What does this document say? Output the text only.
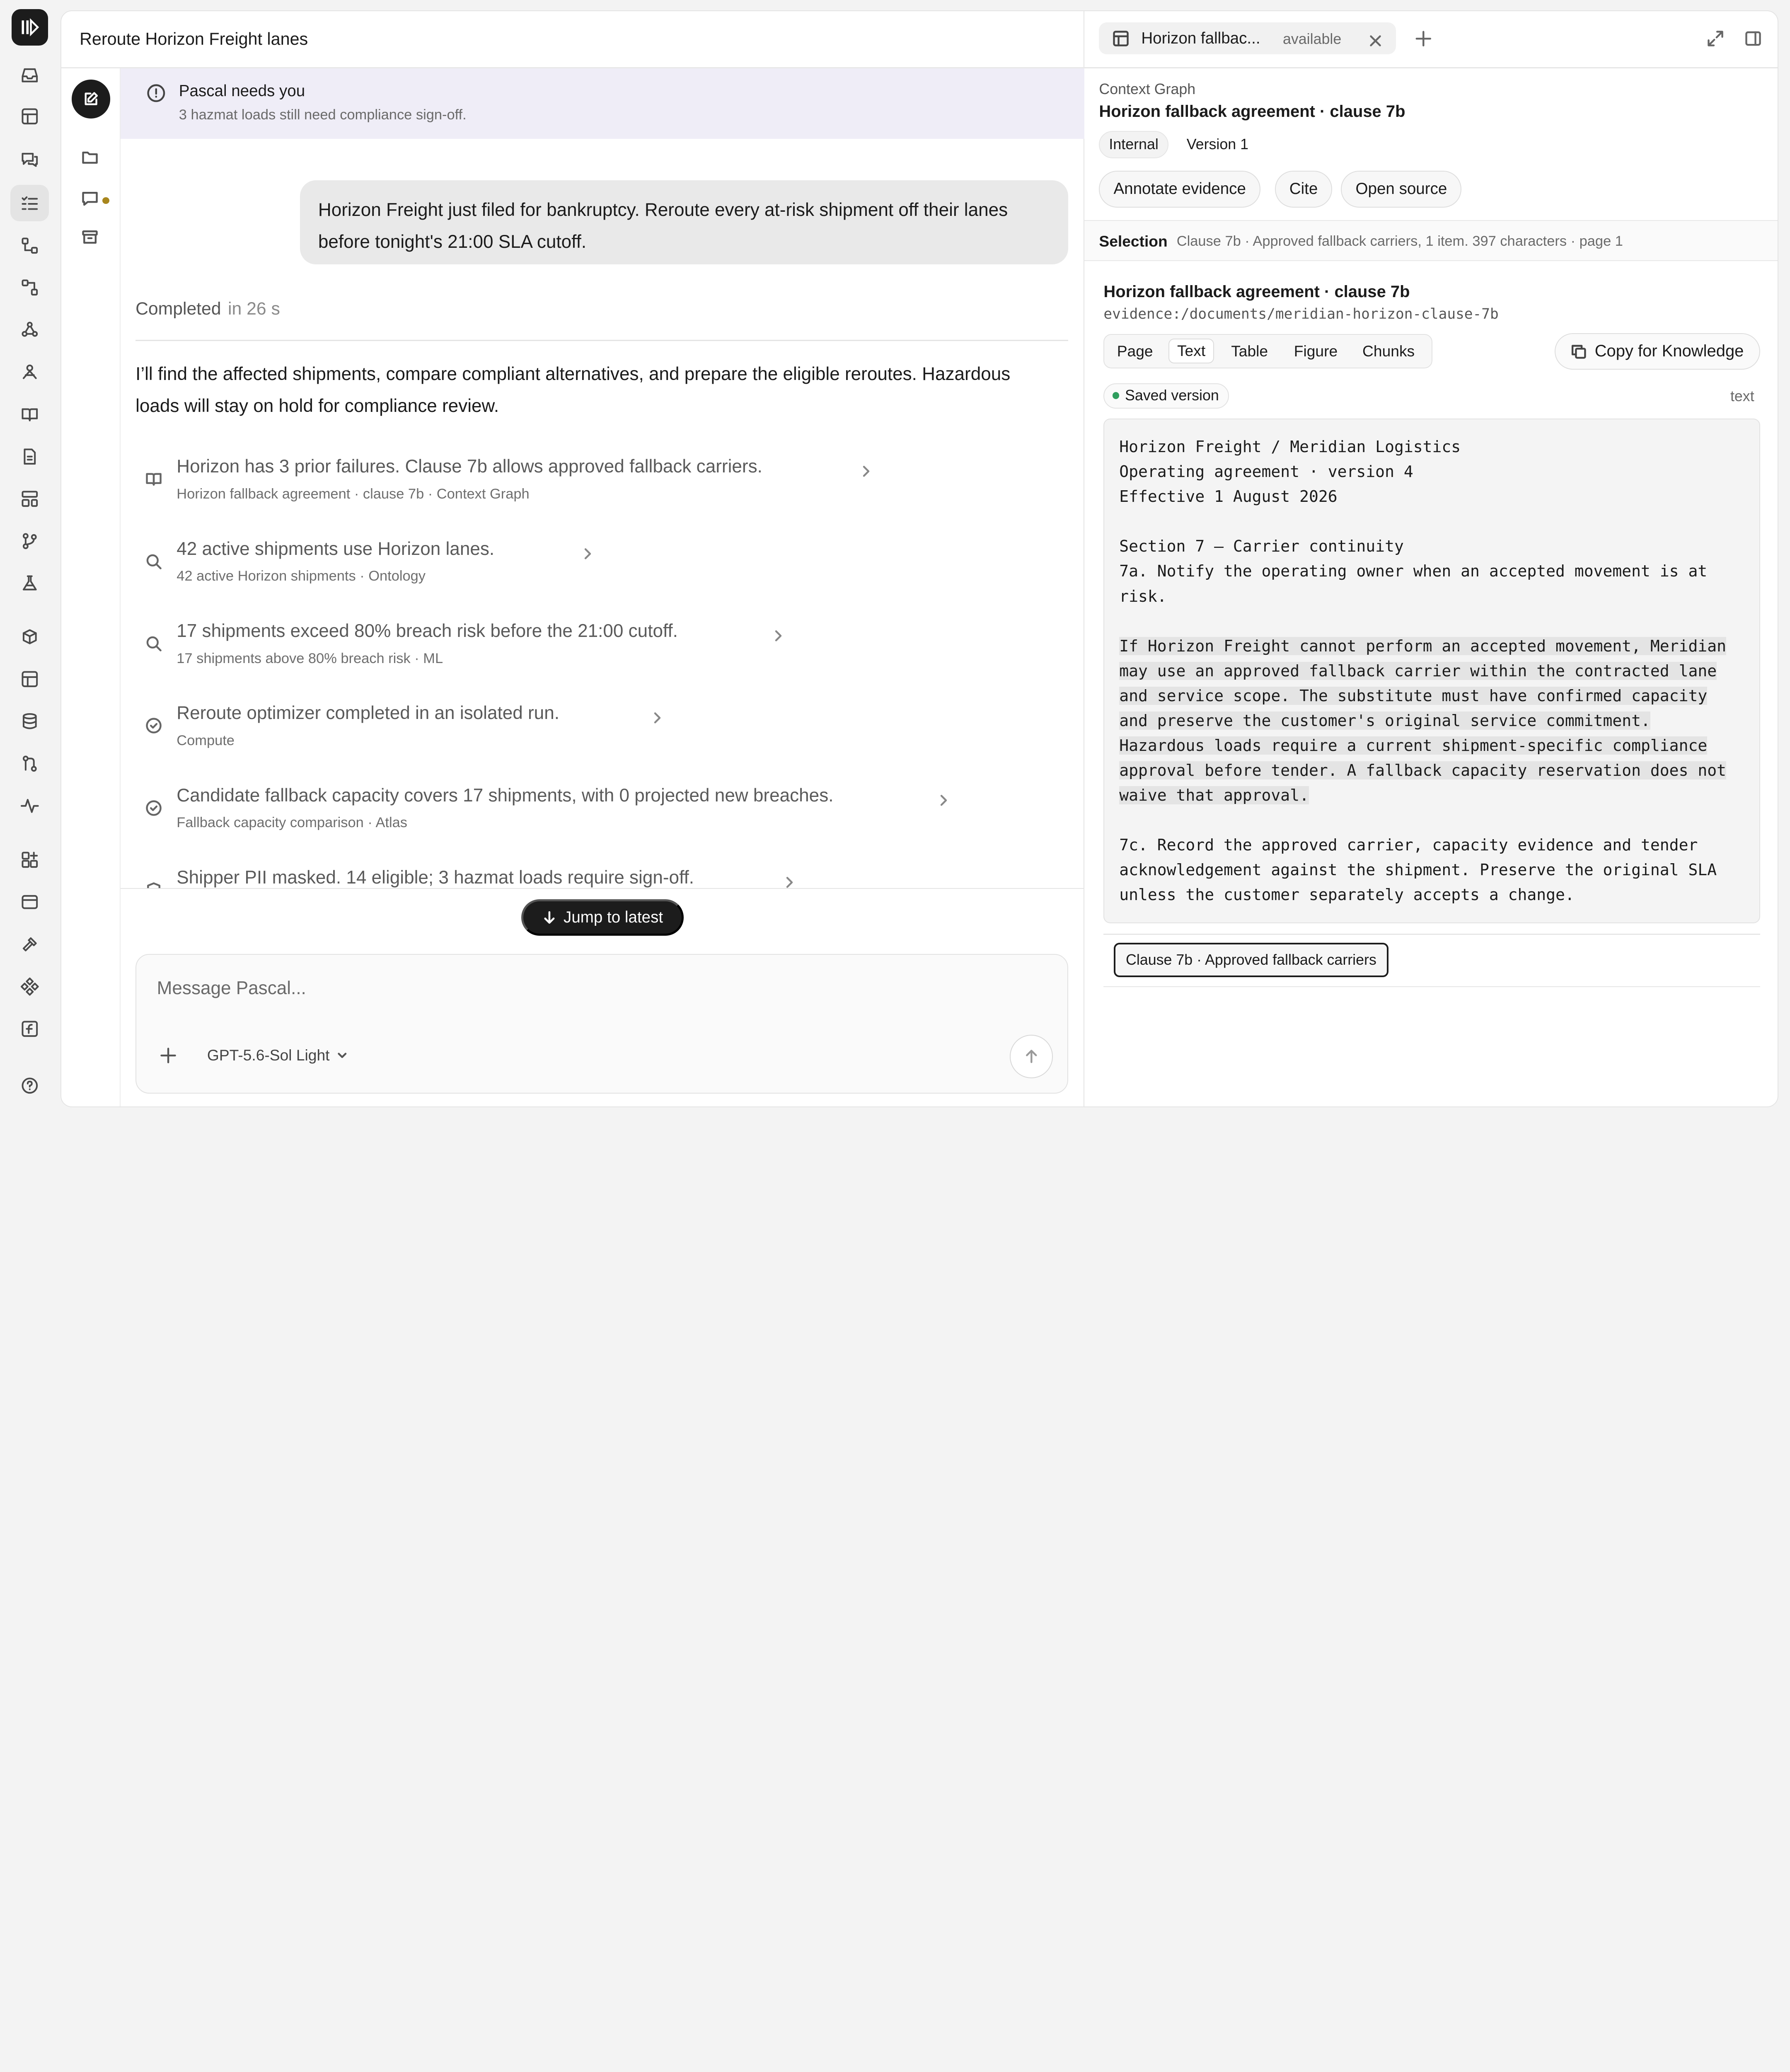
Reroute Horizon Freight lanes
Pascal needs you
3 hazmat loads still need compliance sign-off.
Horizon Freight just filed for bankruptcy. Reroute every at-risk shipment off their lanes before tonight's 21:00 SLA cutoff.
Completed in 26 s
I’ll find the affected shipments, compare compliant alternatives, and prepare the eligible reroutes. Hazardous loads will stay on hold for compliance review.
Horizon has 3 prior failures. Clause 7b allows approved fallback carriers.
Horizon fallback agreement · clause 7b · Context Graph
42 active shipments use Horizon lanes.
42 active Horizon shipments · Ontology
17 shipments exceed 80% breach risk before the 21:00 cutoff.
17 shipments above 80% breach risk · ML
Reroute optimizer completed in an isolated run.
Compute
Candidate fallback capacity covers 17 shipments, with 0 projected new breaches.
Fallback capacity comparison · Atlas
Shipper PII masked. 14 eligible; 3 hazmat loads require sign-off.
Jump to latest
Message Pascal...
GPT-5.6-Sol Light
Horizon fallbac...	available
Context Graph
Horizon fallback agreement · clause 7b
Internal	Version 1
Annotate evidence	Cite	Open source
Selection Clause 7b · Approved fallback carriers, 1 item. 397 characters · page 1
Horizon fallback agreement · clause 7b
evidence:/documents/meridian-horizon-clause-7b
Page	Text	Table	Figure	Chunks	Copy for Knowledge
Saved version	text
Horizon Freight / Meridian Logistics
Operating agreement · version 4
Effective 1 August 2026
Section 7 — Carrier continuity
7a. Notify the operating owner when an accepted movement is at
risk.
If Horizon Freight cannot perform an accepted movement, Meridian
may use an approved fallback carrier within the contracted lane
and service scope. The substitute must have confirmed capacity
and preserve the customer's original service commitment.
Hazardous loads require a current shipment-specific compliance
approval before tender. A fallback capacity reservation does not
waive that approval.
7c. Record the approved carrier, capacity evidence and tender
acknowledgement against the shipment. Preserve the original SLA
unless the customer separately accepts a change.
Clause 7b · Approved fallback carriers
